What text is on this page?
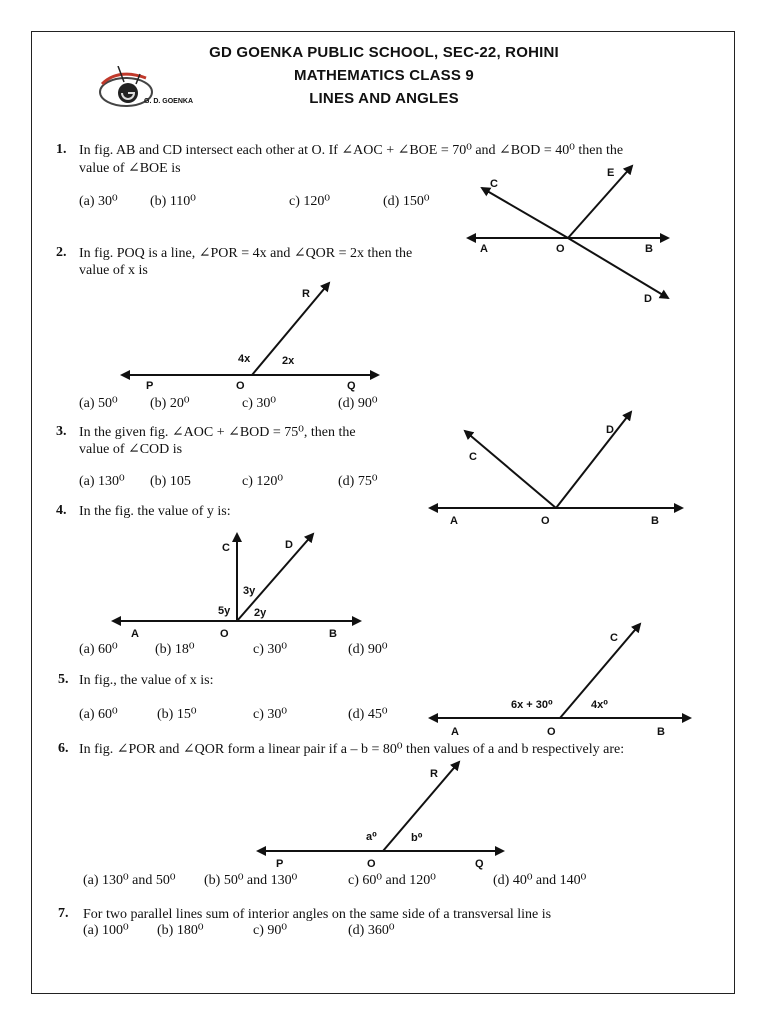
G. D. GOENKA
GD GOENKA PUBLIC SCHOOL, SEC-22, ROHINI
MATHEMATICS CLASS 9
LINES AND ANGLES
1. In fig. AB and CD intersect each other at O. If ∠AOC + ∠BOE = 70⁰ and ∠BOD = 40⁰ then the
value of ∠BOE is
(a) 30⁰ (b) 110⁰	c) 120⁰	(d) 150⁰
2. In fig. POQ is a line, ∠POR = 4x and ∠QOR = 2x then the
value of x is
(a) 50⁰ (b) 20⁰	c) 30⁰	(d) 90⁰
3. In the given fig. ∠AOC + ∠BOD = 75⁰, then the
value of ∠COD is
(a) 130⁰ (b) 105	c) 120⁰	(d) 75⁰
4. In the fig. the value of y is:
(a) 60⁰	(b) 18⁰	c) 30⁰	(d) 90⁰
5. In fig., the value of x is:
(a) 60⁰	(b) 15⁰	c) 30⁰	(d) 45⁰
6. In fig. ∠POR and ∠QOR form a linear pair if a – b = 80⁰ then values of a and b respectively are:
(a) 130⁰ and 50⁰ (b) 50⁰ and 130⁰	c) 60⁰ and 120⁰	(d) 40⁰ and 140⁰
7. For two parallel lines sum of interior angles on the same side of a transversal line is
(a) 100⁰ (b) 180⁰	c) 90⁰	(d) 360⁰
A	O	B
C
D
E
P	O	Q
R
4x	2x
A	O	B
C
D
A	O	B
C	D
5y
3y
2y
A	O	B
C
6x + 30⁰	4x⁰
P	O	Q
R
a⁰	b⁰
